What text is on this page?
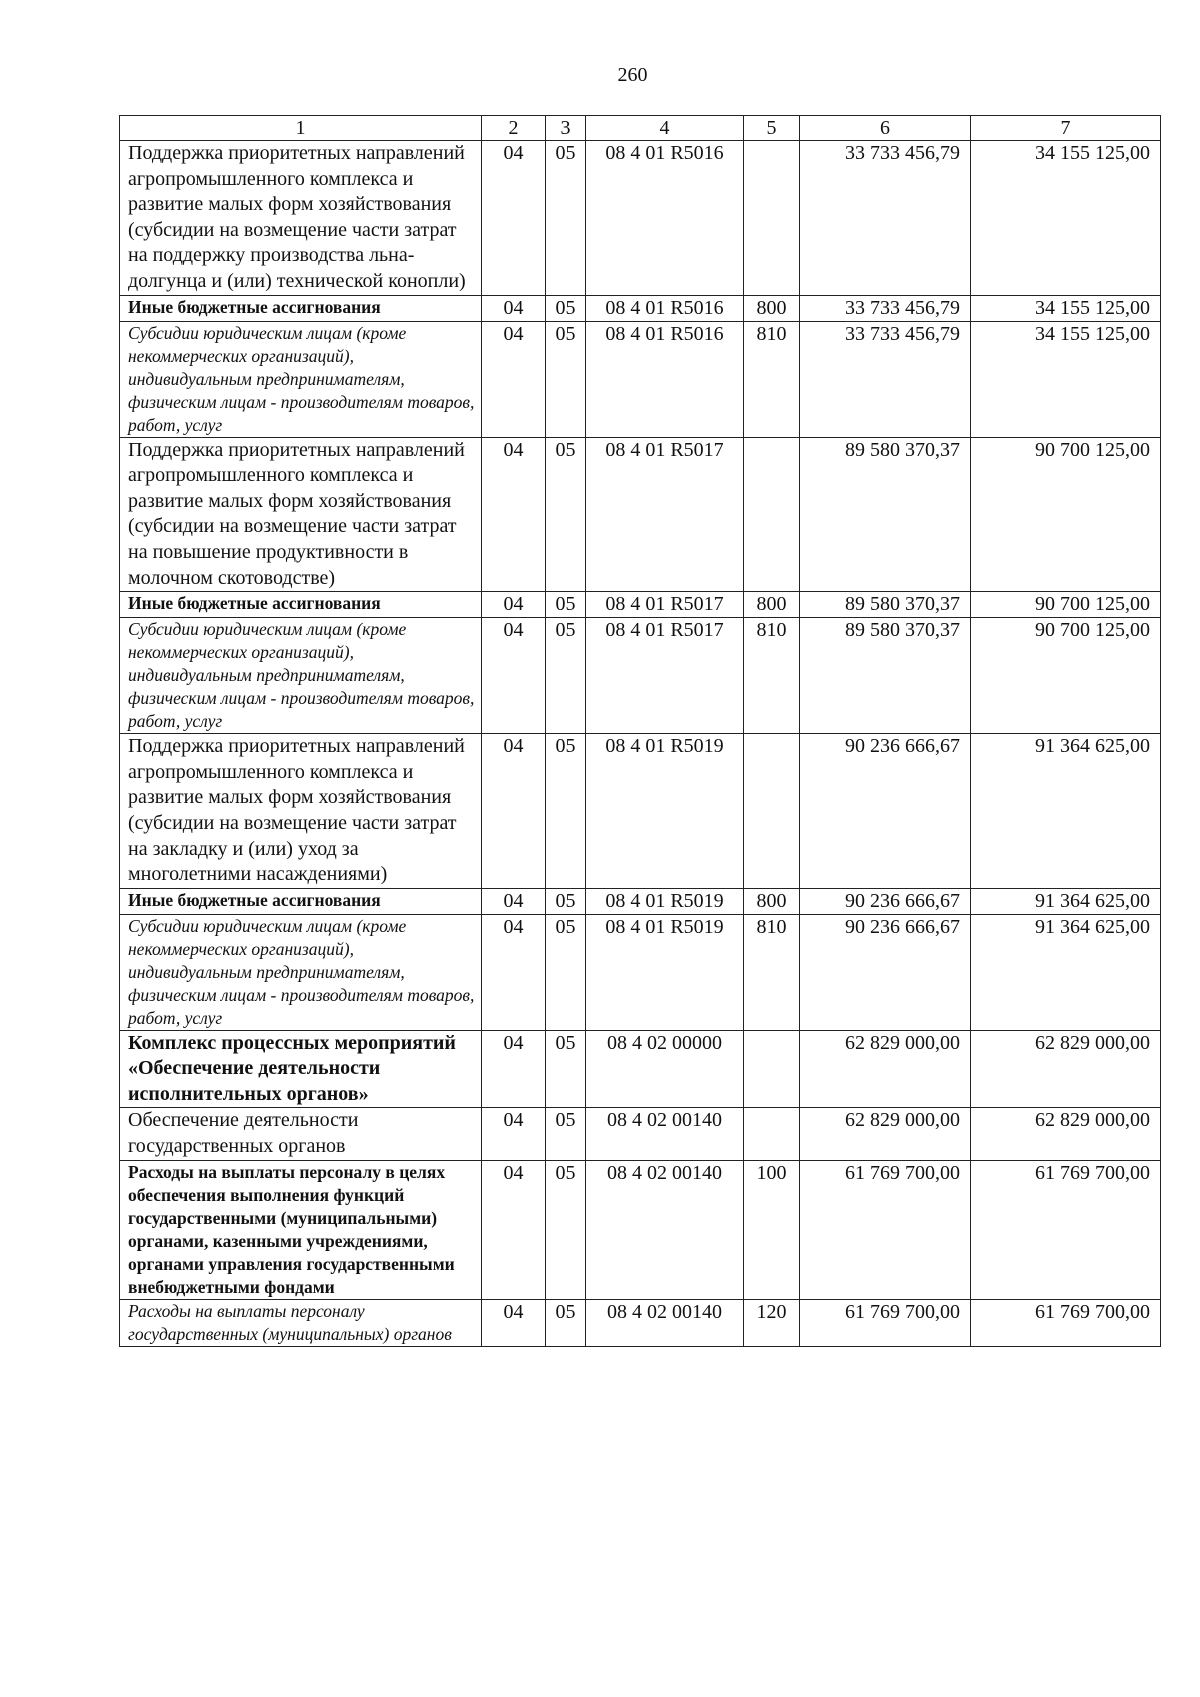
260
1	2	3	4	5	6	7
Поддержка приоритетных направлений агропромышленного комплекса и развитие малых форм хозяйствования (субсидии на возмещение части затрат на поддержку производства льна-долгунца и (или) технической конопли)	04	05	08 4 01 R5016		33 733 456,79	34 155 125,00
Иные бюджетные ассигнования	04	05	08 4 01 R5016	800	33 733 456,79	34 155 125,00
Субсидии юридическим лицам (кроме некоммерческих организаций), индивидуальным предпринимателям, физическим лицам - производителям товаров, работ, услуг	04	05	08 4 01 R5016	810	33 733 456,79	34 155 125,00
Поддержка приоритетных направлений агропромышленного комплекса и развитие малых форм хозяйствования (субсидии на возмещение части затрат на повышение продуктивности в молочном скотоводстве)	04	05	08 4 01 R5017		89 580 370,37	90 700 125,00
Иные бюджетные ассигнования	04	05	08 4 01 R5017	800	89 580 370,37	90 700 125,00
Субсидии юридическим лицам (кроме некоммерческих организаций), индивидуальным предпринимателям, физическим лицам - производителям товаров, работ, услуг	04	05	08 4 01 R5017	810	89 580 370,37	90 700 125,00
Поддержка приоритетных направлений агропромышленного комплекса и развитие малых форм хозяйствования (субсидии на возмещение части затрат на закладку и (или) уход за многолетними насаждениями)	04	05	08 4 01 R5019		90 236 666,67	91 364 625,00
Иные бюджетные ассигнования	04	05	08 4 01 R5019	800	90 236 666,67	91 364 625,00
Субсидии юридическим лицам (кроме некоммерческих организаций), индивидуальным предпринимателям, физическим лицам - производителям товаров, работ, услуг	04	05	08 4 01 R5019	810	90 236 666,67	91 364 625,00
Комплекс процессных мероприятий «Обеспечение деятельности исполнительных органов»	04	05	08 4 02 00000		62 829 000,00	62 829 000,00
Обеспечение деятельности государственных органов	04	05	08 4 02 00140		62 829 000,00	62 829 000,00
Расходы на выплаты персоналу в целях обеспечения выполнения функций государственными (муниципальными) органами, казенными учреждениями, органами управления государственными внебюджетными фондами	04	05	08 4 02 00140	100	61 769 700,00	61 769 700,00
Расходы на выплаты персоналу государственных (муниципальных) органов	04	05	08 4 02 00140	120	61 769 700,00	61 769 700,00
